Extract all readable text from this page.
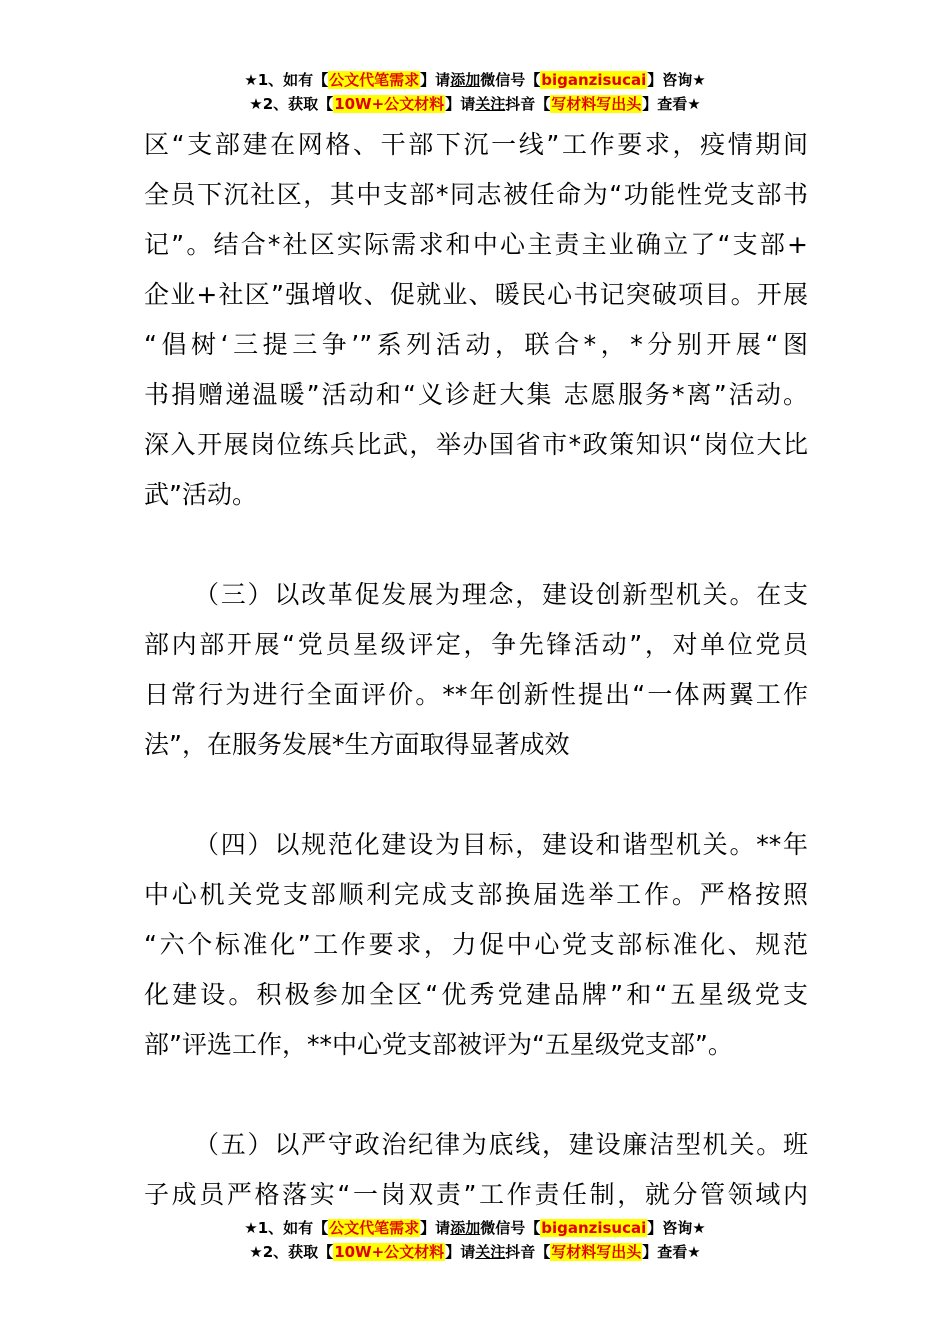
★1、如有【公文代笔需求】请添加微信号【biganzisucai】咨询★
★2、获取【10W+公文材料】请关注抖音【写材料写出头】查看★
区“支部建在网格、干部下沉一线”工作要求，疫情期间
全员下沉社区，其中支部*同志被任命为“功能性党支部书
记”。结合*社区实际需求和中心主责主业确立了“支部+
企业+社区”强增收、促就业、暖民心书记突破项目。开展
“倡树‘三提三争’”系列活动，联合*，*分别开展“图
书捐赠递温暖”活动和“义诊赶大集 志愿服务*离”活动。
深入开展岗位练兵比武，举办国省市*政策知识“岗位大比
武”活动。
（三）以改革促发展为理念，建设创新型机关。在支
部内部开展“党员星级评定，争先锋活动”，对单位党员
日常行为进行全面评价。**年创新性提出“一体两翼工作
法”，在服务发展*生方面取得显著成效
（四）以规范化建设为目标，建设和谐型机关。**年
中心机关党支部顺利完成支部换届选举工作。严格按照
“六个标准化”工作要求，力促中心党支部标准化、规范
化建设。积极参加全区“优秀党建品牌”和“五星级党支
部”评选工作，**中心党支部被评为“五星级党支部”。
（五）以严守政治纪律为底线，建设廉洁型机关。班
子成员严格落实“一岗双责”工作责任制，就分管领域内
★1、如有【公文代笔需求】请添加微信号【biganzisucai】咨询★
★2、获取【10W+公文材料】请关注抖音【写材料写出头】查看★
